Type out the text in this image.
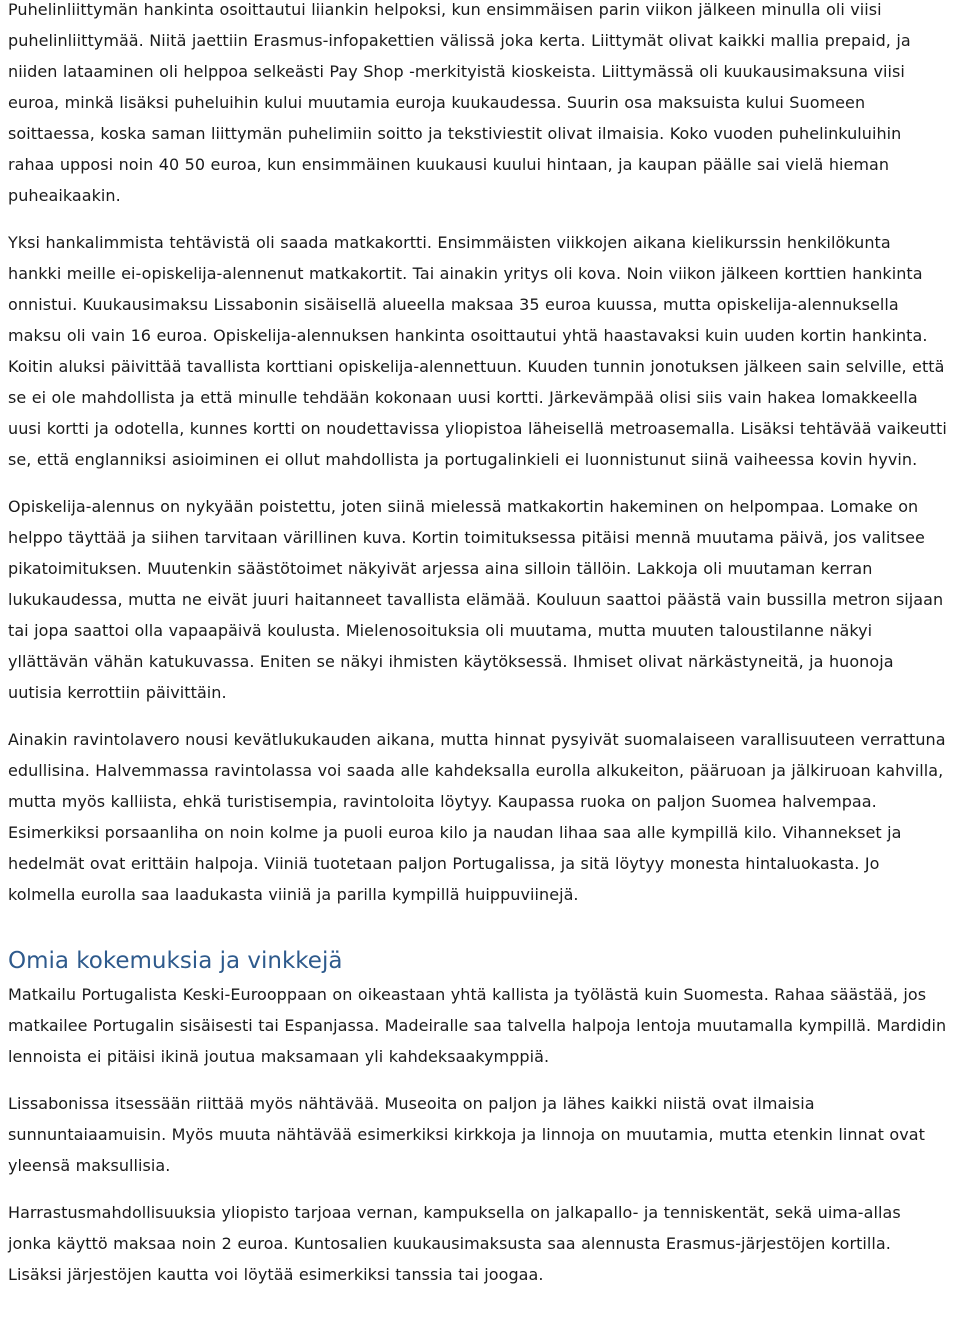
Puhelinliittymän hankinta osoittautui liiankin helpoksi, kun ensimmäisen parin viikon jälkeen minulla oli viisi puhelinliittymää. Niitä jaettiin Erasmus-infopakettien välissä joka kerta. Liittymät olivat kaikki mallia prepaid, ja niiden lataaminen oli helppoa selkeästi Pay Shop -merkityistä kioskeista. Liittymässä oli kuukausimaksuna viisi euroa, minkä lisäksi puheluihin kului muutamia euroja kuukaudessa. Suurin osa maksuista kului Suomeen soittaessa, koska saman liittymän puhelimiin soitto ja tekstiviestit olivat ilmaisia. Koko vuoden puhelinkuluihin rahaa upposi noin 40 50 euroa, kun ensimmäinen kuukausi kuului hintaan, ja kaupan päälle sai vielä hieman puheaikaakin.

Yksi hankalimmista tehtävistä oli saada matkakortti. Ensimmäisten viikkojen aikana kielikurssin henkilökunta hankki meille ei-opiskelija-alennenut matkakortit. Tai ainakin yritys oli kova. Noin viikon jälkeen korttien hankinta onnistui. Kuukausimaksu Lissabonin sisäisellä alueella maksaa 35 euroa kuussa, mutta opiskelija-alennuksella maksu oli vain 16 euroa. Opiskelija-alennuksen hankinta osoittautui yhtä haastavaksi kuin uuden kortin hankinta. Koitin aluksi päivittää tavallista korttiani opiskelija-alennettuun. Kuuden tunnin jonotuksen jälkeen sain selville, että se ei ole mahdollista ja että minulle tehdään kokonaan uusi kortti. Järkevämpää olisi siis vain hakea lomakkeella uusi kortti ja odotella, kunnes kortti on noudettavissa yliopistoa läheisellä metroasemalla. Lisäksi tehtävää vaikeutti se, että englanniksi asioiminen ei ollut mahdollista ja portugalinkieli ei luonnistunut siinä vaiheessa kovin hyvin.

Opiskelija-alennus on nykyään poistettu, joten siinä mielessä matkakortin hakeminen on helpompaa. Lomake on helppo täyttää ja siihen tarvitaan värillinen kuva. Kortin toimituksessa pitäisi mennä muutama päivä, jos valitsee pikatoimituksen. Muutenkin säästötoimet näkyivät arjessa aina silloin tällöin. Lakkoja oli muutaman kerran lukukaudessa, mutta ne eivät juuri haitanneet tavallista elämää. Kouluun saattoi päästä vain bussilla metron sijaan tai jopa saattoi olla vapaapäivä koulusta. Mielenosoituksia oli muutama, mutta muuten taloustilanne näkyi yllättävän vähän katukuvassa. Eniten se näkyi ihmisten käytöksessä. Ihmiset olivat närkästyneitä, ja huonoja uutisia kerrottiin päivittäin.

Ainakin ravintolavero nousi kevätlukukauden aikana, mutta hinnat pysyivät suomalaiseen varallisuuteen verrattuna edullisina. Halvemmassa ravintolassa voi saada alle kahdeksalla eurolla alkukeiton, pääruoan ja jälkiruoan kahvilla, mutta myös kalliista, ehkä turistisempia, ravintoloita löytyy. Kaupassa ruoka on paljon Suomea halvempaa. Esimerkiksi porsaanliha on noin kolme ja puoli euroa kilo ja naudan lihaa saa alle kympillä kilo. Vihannekset ja hedelmät ovat erittäin halpoja. Viiniä tuotetaan paljon Portugalissa, ja sitä löytyy monesta hintaluokasta. Jo kolmella eurolla saa laadukasta viiniä ja parilla kympillä huippuviinejä.

Omia kokemuksia ja vinkkejä

Matkailu Portugalista Keski-Eurooppaan on oikeastaan yhtä kallista ja työlästä kuin Suomesta. Rahaa säästää, jos matkailee Portugalin sisäisesti tai Espanjassa. Madeiralle saa talvella halpoja lentoja muutamalla kympillä. Mardidin lennoista ei pitäisi ikinä joutua maksamaan yli kahdeksaakymppiä.

Lissabonissa itsessään riittää myös nähtävää. Museoita on paljon ja lähes kaikki niistä ovat ilmaisia sunnuntaiaamuisin. Myös muuta nähtävää esimerkiksi kirkkoja ja linnoja on muutamia, mutta etenkin linnat ovat yleensä maksullisia.

Harrastusmahdollisuuksia yliopisto tarjoaa vernan, kampuksella on jalkapallo- ja tenniskentät, sekä uima-allas jonka käyttö maksaa noin 2 euroa. Kuntosalien kuukausimaksusta saa alennusta Erasmus-järjestöjen kortilla. Lisäksi järjestöjen kautta voi löytää esimerkiksi tanssia tai joogaa.
